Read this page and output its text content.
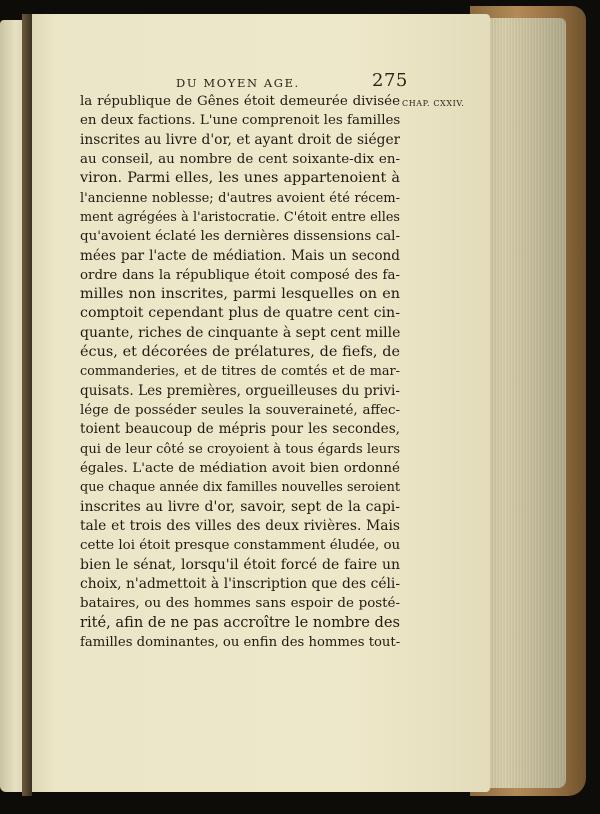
DU MOYEN AGE.	275
CHAP. CXXIV.
la république de Gênes étoit demeurée divisée
en deux factions. L'une comprenoit les familles
inscrites au livre d'or, et ayant droit de siéger
au conseil, au nombre de cent soixante-dix en-
viron. Parmi elles, les unes appartenoient à
l'ancienne noblesse; d'autres avoient été récem-
ment agrégées à l'aristocratie. C'étoit entre elles
qu'avoient éclaté les dernières dissensions cal-
mées par l'acte de médiation. Mais un second
ordre dans la république étoit composé des fa-
milles non inscrites, parmi lesquelles on en
comptoit cependant plus de quatre cent cin-
quante, riches de cinquante à sept cent mille
écus, et décorées de prélatures, de fiefs, de
commanderies, et de titres de comtés et de mar-
quisats. Les premières, orgueilleuses du privi-
lége de posséder seules la souveraineté, affec-
toient beaucoup de mépris pour les secondes,
qui de leur côté se croyoient à tous égards leurs
égales. L'acte de médiation avoit bien ordonné
que chaque année dix familles nouvelles seroient
inscrites au livre d'or, savoir, sept de la capi-
tale et trois des villes des deux rivières. Mais
cette loi étoit presque constamment éludée, ou
bien le sénat, lorsqu'il étoit forcé de faire un
choix, n'admettoit à l'inscription que des céli-
bataires, ou des hommes sans espoir de posté-
rité, afin de ne pas accroître le nombre des
familles dominantes, ou enfin des hommes tout-
